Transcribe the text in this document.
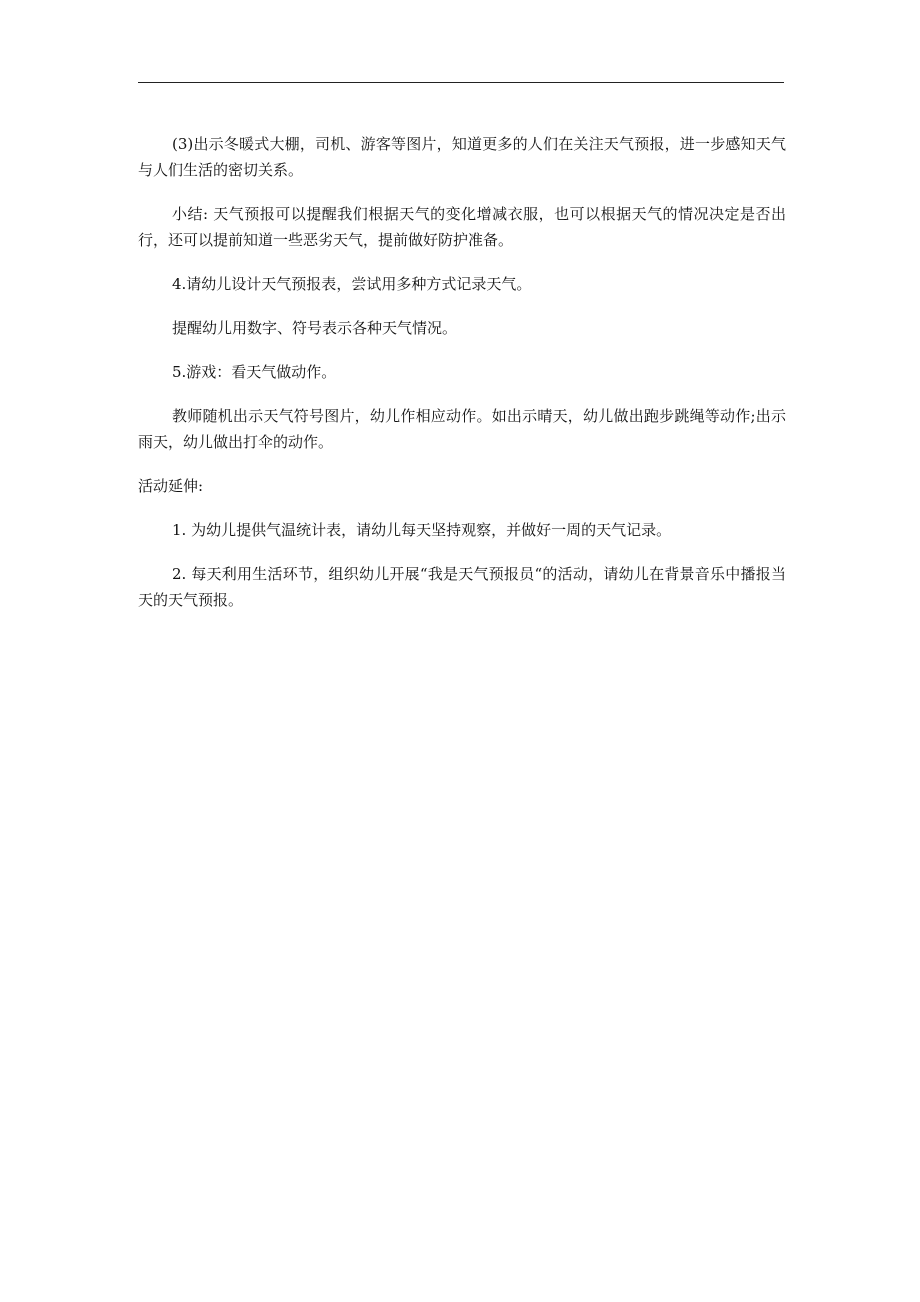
(3)出示冬暖式大棚，司机、游客等图片，知道更多的人们在关注天气预报，进一步感知天气与人们生活的密切关系。

小结: 天气预报可以提醒我们根据天气的变化增减衣服，也可以根据天气的情况决定是否出行，还可以提前知道一些恶劣天气，提前做好防护准备。

4.请幼儿设计天气预报表，尝试用多种方式记录天气。

提醒幼儿用数字、符号表示各种天气情况。

5.游戏：看天气做动作。

教师随机出示天气符号图片，幼儿作相应动作。如出示晴天，幼儿做出跑步跳绳等动作;出示雨天，幼儿做出打伞的动作。

活动延伸:

1. 为幼儿提供气温统计表，请幼儿每天坚持观察，并做好一周的天气记录。

2. 每天利用生活环节，组织幼儿开展“我是天气预报员“的活动，请幼儿在背景音乐中播报当天的天气预报。
